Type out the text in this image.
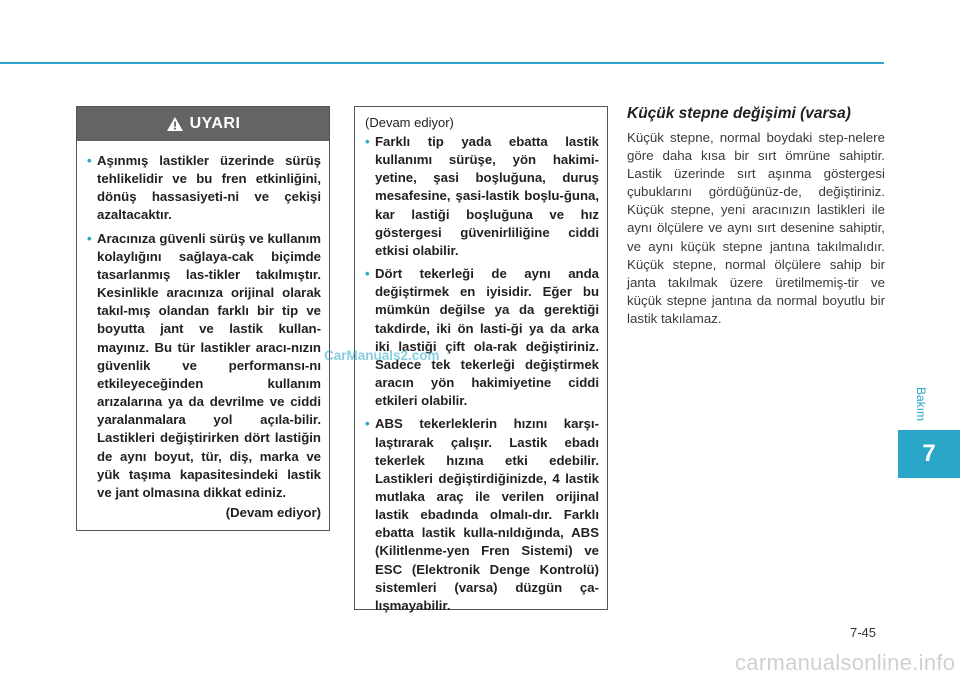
UYARI
• Aşınmış lastikler üzerinde sürüş tehlikelidir ve bu fren etkinliğini, dönüş hassasiyeti-ni ve çekişi azaltacaktır.
• Aracınıza güvenli sürüş ve kullanım kolaylığını sağlaya-cak biçimde tasarlanmış las-tikler takılmıştır. Kesinlikle aracınıza orijinal olarak takıl-mış olandan farklı bir tip ve boyutta jant ve lastik kullan-mayınız. Bu tür lastikler aracı-nızın güvenlik ve performansı-nı etkileyeceğinden kullanım arızalarına ya da devrilme ve ciddi yaralanmalara yol açıla-bilir. Lastikleri değiştirirken dört lastiğin de aynı boyut, tür, diş, marka ve yük taşıma kapasitesindeki lastik ve jant olmasına dikkat ediniz.
(Devam ediyor)
(Devam ediyor)
• Farklı tip yada ebatta lastik kullanımı sürüşe, yön hakimi-yetine, şasi boşluğuna, duruş mesafesine, şasi-lastik boşlu-ğuna, kar lastiği boşluğuna ve hız göstergesi güvenirliliğine ciddi etkisi olabilir.
• Dört tekerleği de aynı anda değiştirmek en iyisidir. Eğer bu mümkün değilse ya da gerektiği takdirde, iki ön lasti-ği ya da arka iki lastiği çift ola-rak değiştiriniz. Sadece tek tekerleği değiştirmek aracın yön hakimiyetine ciddi etkileri olabilir.
• ABS tekerleklerin hızını karşı-laştırarak çalışır. Lastik ebadı tekerlek hızına etki edebilir. Lastikleri değiştirdiğinizde, 4 lastik mutlaka araç ile verilen orijinal lastik ebadında olmalı-dır. Farklı ebatta lastik kulla-nıldığında, ABS (Kilitlenme-yen Fren Sistemi) ve ESC (Elektronik Denge Kontrolü) sistemleri (varsa) düzgün ça-lışmayabilir.
Küçük stepne değişimi (varsa)
Küçük stepne, normal boydaki step-nelere göre daha kısa bir sırt ömrüne sahiptir. Lastik üzerinde sırt aşınma göstergesi çubuklarını gördüğünüz-de, değiştiriniz. Küçük stepne, yeni aracınızın lastikleri ile aynı ölçülere ve aynı sırt desenine sahiptir, ve aynı küçük stepne jantına takılmalıdır. Küçük stepne, normal ölçülere sahip bir janta takılmak üzere üretilmemiş-tir ve küçük stepne jantına da normal boyutlu bir lastik takılamaz.
Bakım
7
7-45
CarManuals2.com
carmanualsonline.info
